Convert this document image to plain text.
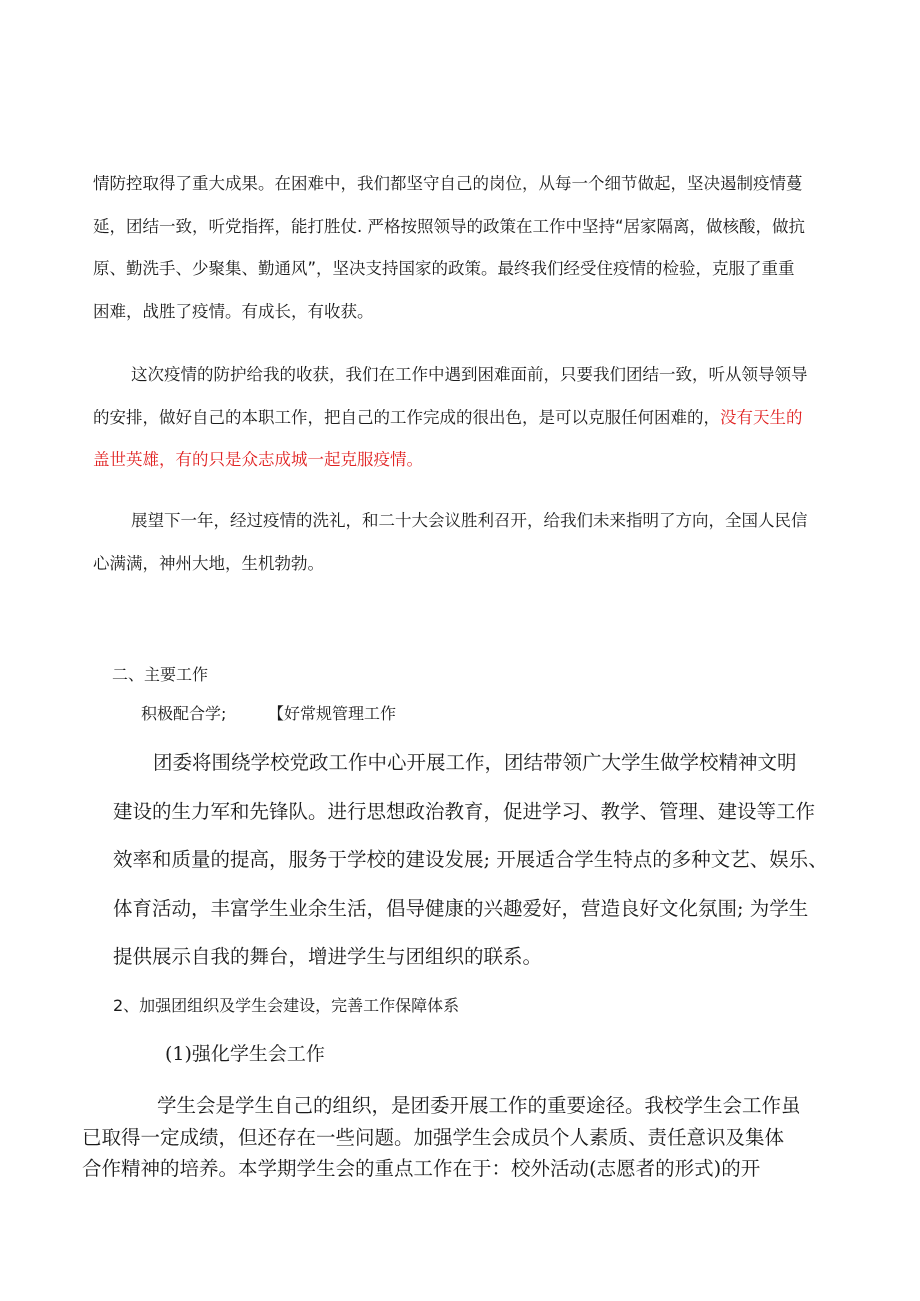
情防控取得了重大成果。在困难中，我们都坚守自己的岗位，从每一个细节做起，坚决遏制疫情蔓
延，团结一致，听党指挥，能打胜仗. 严格按照领导的政策在工作中坚持“居家隔离，做核酸，做抗
原、勤洗手、少聚集、勤通风”，坚决支持国家的政策。最终我们经受住疫情的检验，克服了重重
困难，战胜了疫情。有成长，有收获。
这次疫情的防护给我的收获，我们在工作中遇到困难面前，只要我们团结一致，听从领导领导
的安排，做好自己的本职工作，把自己的工作完成的很出色，是可以克服任何困难的，没有天生的
盖世英雄，有的只是众志成城一起克服疫情。
展望下一年，经过疫情的洗礼，和二十大会议胜利召开，给我们未来指明了方向，全国人民信
心满满，神州大地，生机勃勃。
二、主要工作
积极配合学;	【好常规管理工作
团委将围绕学校党政工作中心开展工作，团结带领广大学生做学校精神文明
建设的生力军和先锋队。进行思想政治教育，促进学习、教学、管理、建设等工作
效率和质量的提高，服务于学校的建设发展; 开展适合学生特点的多种文艺、娱乐、
体育活动，丰富学生业余生活，倡导健康的兴趣爱好，营造良好文化氛围; 为学生
提供展示自我的舞台，增进学生与团组织的联系。
2、加强团组织及学生会建设，完善工作保障体系
(1)强化学生会工作
学生会是学生自己的组织，是团委开展工作的重要途径。我校学生会工作虽
已取得一定成绩，但还存在一些问题。加强学生会成员个人素质、责任意识及集体
合作精神的培养。本学期学生会的重点工作在于：校外活动(志愿者的形式)的开
